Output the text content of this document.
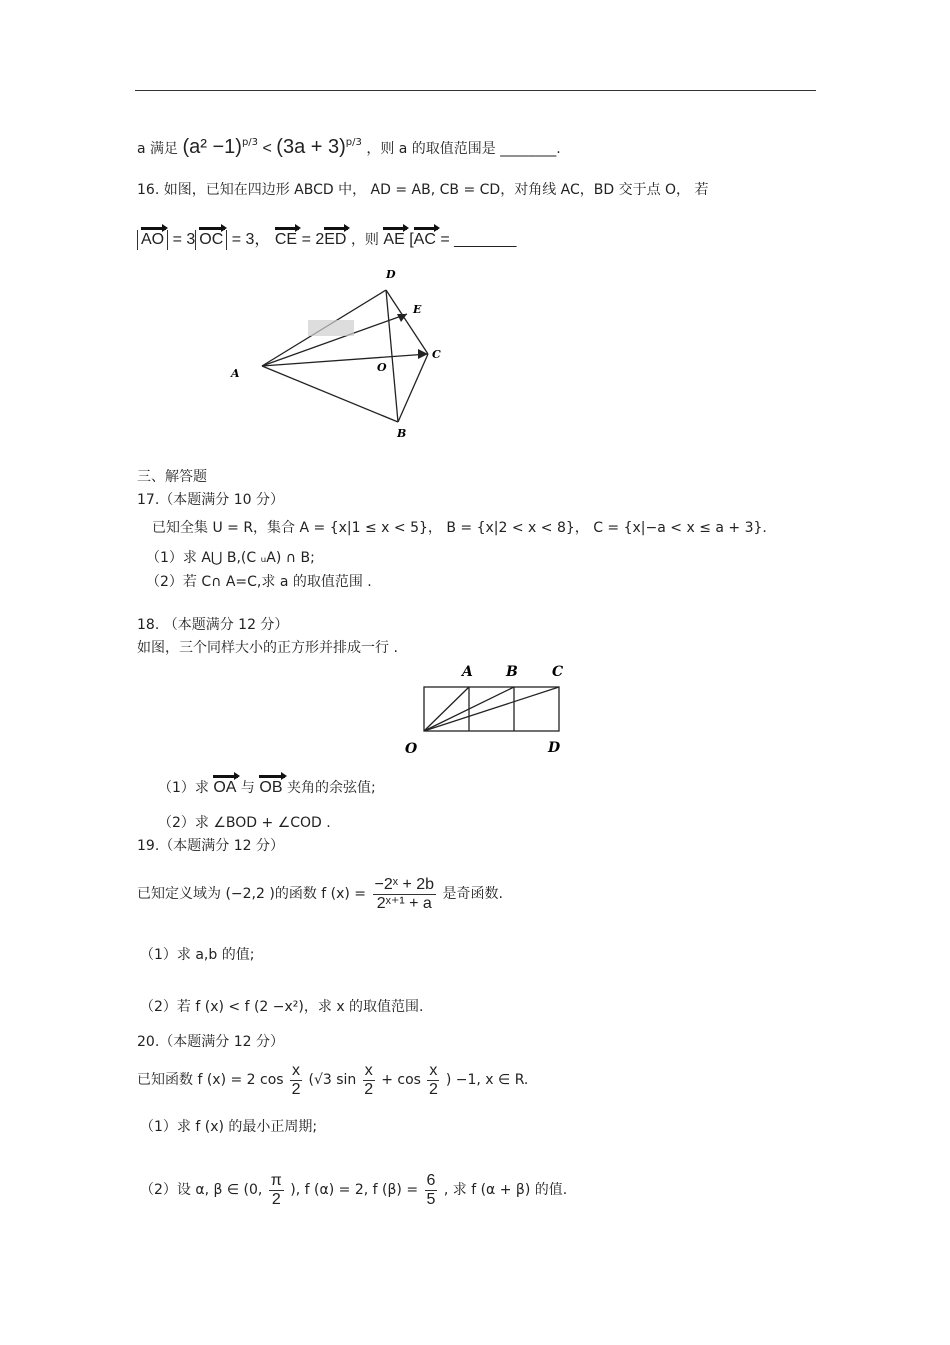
a 满足 $(a^2 -1)^{p/3} < (3a + 3)^{p/3}$ ，则 a 的取值范围是 ________.
16. 如图，已知在四边形 ABCD 中， AD = AB, CB = CD，对角线 AC，BD 交于点 O， 若
AO = 3 OC = 3， CE = 2ED ，则 AE [AC = _______
D
E
C
A	O
B
三、解答题
17.（本题满分 10 分）
已知全集 U = R，集合 A = {x|1 ≤ x < 5}， B = {x|2 < x < 8}， C = {x|−a < x ≤ a + 3}.
（1）求 A⋃ B,(C ᵤA) ∩ B;
（2）若 C∩ A=C,求 a 的取值范围 .
18. （本题满分 12 分）
如图，三个同样大小的正方形并排成一行 .
A B C
O	D
（1）求 OA 与 OB 夹角的余弦值;
（2）求 ∠BOD + ∠COD .
19.（本题满分 12 分）
已知定义域为 (−2,2 )的函数 f $(x) = \frac{\text{−2ˣ + 2b}}{\text{2ˣ⁺¹ + a}}$ 是奇函数.
（1）求 a,b 的值;
（2）若 f (x) < f (2 −x²)，求 x 的取值范围.
20.（本题满分 12 分）
已知函数 f (x) = 2 $\cos \frac{x}{2} (√3$ $\sin \frac{x}{2} + \cos \frac{x}{2}$ ) −1, x ∈ R.
（1）求 f (x) 的最小正周期;
（2）设 α, β ∈ (0, $\frac{\pi}{2}$ ), f (α) = 2, f $(\beta) = \frac{6}{5}$ , 求 f (α + β) 的值.
